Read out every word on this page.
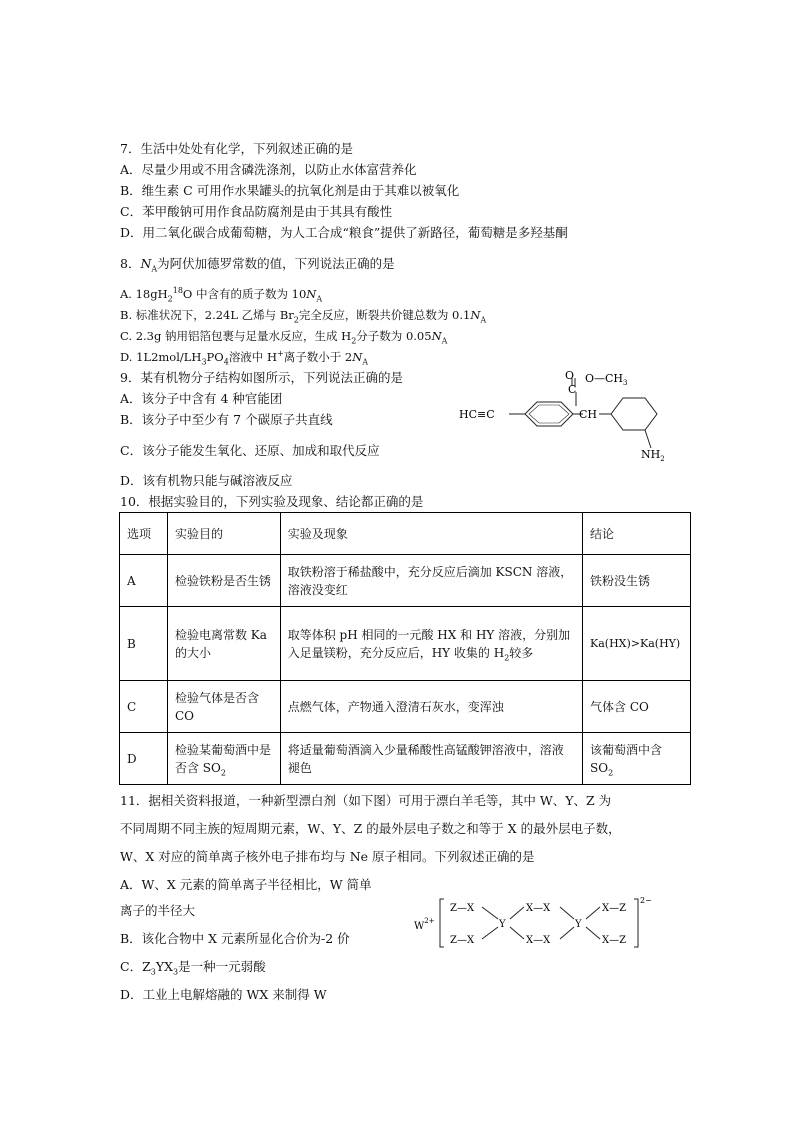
7．生活中处处有化学，下列叙述正确的是
A．尽量少用或不用含磷洗涤剂，以防止水体富营养化
B．维生素 C 可用作水果罐头的抗氧化剂是由于其难以被氧化
C．苯甲酸钠可用作食品防腐剂是由于其具有酸性
D．用二氧化碳合成葡萄糖，为人工合成“粮食”提供了新路径，葡萄糖是多羟基酮
8．$N_A$为阿伏加德罗常数的值，下列说法正确的是
A. $18gH_2^{18}O$ 中含有的质子数为 $10N_A$
B. 标准状况下，2.24L 乙烯与 $Br_2$完全反应，断裂共价键总数为 $0.1N_A$
C. 2.3g 钠用铝箔包裹与足量水反应，生成 $H_2$分子数为 $0.05N_A$
D. $1L2mol/LH_3PO_4$溶液中 H+离子数小于 $2N_A$
9．某有机物分子结构如图所示，下列说法正确的是
A．该分子中含有 4 种官能团
B．该分子中至少有 7 个碳原子共直线
C．该分子能发生氧化、还原、加成和取代反应
D．该有机物只能与碱溶液反应
O
C
$O—CH_3$
HC≡C	CH
$NH_2$
10．根据实验目的，下列实验及现象、结论都正确的是
选项	实验目的	实验及现象	结论
A	检验铁粉是否生锈	取铁粉溶于稀盐酸中，充分反应后滴加 KSCN 溶液，溶液没变红	铁粉没生锈
B	检验电离常数 Ka 的大小	取等体积 pH 相同的一元酸 HX 和 HY 溶液，分别加入足量镁粉，充分反应后，HY 收集的 $H_2$较多	Ka(HX)>Ka(HY)
C	检验气体是否含 CO	点燃气体，产物通入澄清石灰水，变浑浊	气体含 CO
D	检验某葡萄酒中是否含 $SO_2$	将适量葡萄酒滴入少量稀酸性高锰酸钾溶液中，溶液褪色	该葡萄酒中含 $SO_2$
11．据相关资料报道，一种新型漂白剂（如下图）可用于漂白羊毛等，其中 W、Y、Z 为
不同周期不同主族的短周期元素，W、Y、Z 的最外层电子数之和等于 X 的最外层电子数，
W、X 对应的简单离子核外电子排布均与 Ne 原子相同。下列叙述正确的是
A．W、X 元素的简单离子半径相比，W 简单
离子的半径大
B．该化合物中 X 元素所显化合价为-2 价
C．$Z_3YX_3$是一种一元弱酸
D．工业上电解熔融的 WX 来制得 W
$W^{2+}$
Z—X
Z—X
Y
X—X
X—X
Y
X—Z
X—Z
2−
